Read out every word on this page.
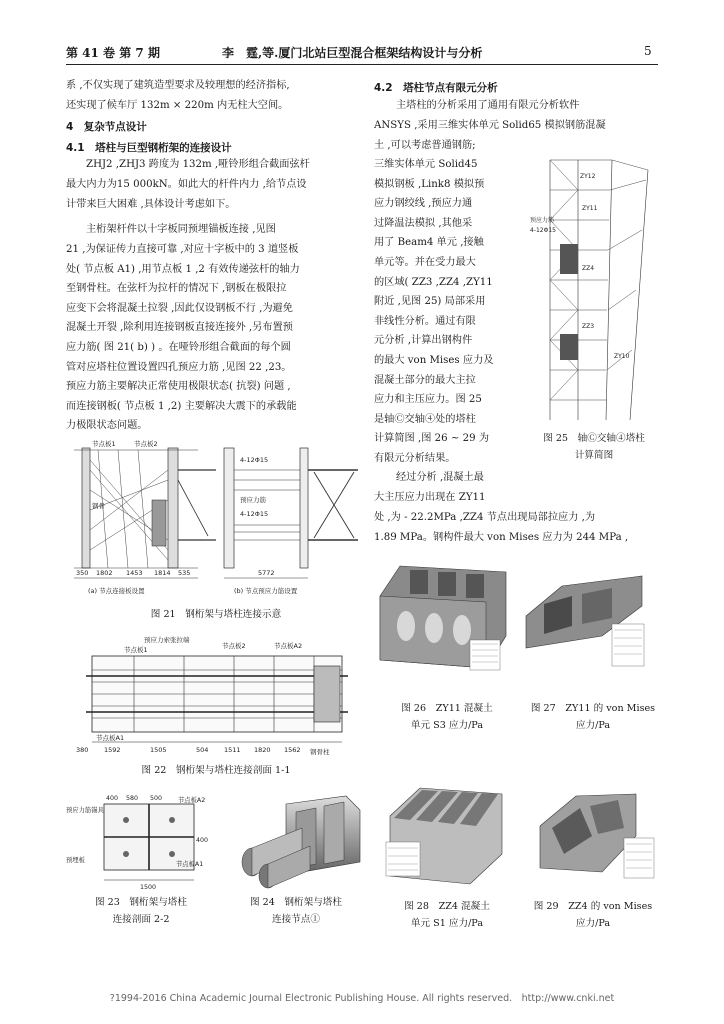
第 41 卷 第 7 期	李　霆,等.厦门北站巨型混合框架结构设计与分析	5
系 ,不仅实现了建筑造型要求及较理想的经济指标,
还实现了候车厅 132m × 220m 内无柱大空间。
4　复杂节点设计
4.1　塔柱与巨型钢桁架的连接设计
ZHJ2 ,ZHJ3 跨度为 132m ,哑铃形组合截面弦杆
最大内力为15 000kN。如此大的杆件内力 ,给节点设
计带来巨大困难 ,具体设计考虑如下。
主桁架杆件以十字板同预埋锚板连接 ,见图
21 ,为保证传力直接可靠 ,对应十字板中的 3 道竖板
处( 节点板 A1) ,用节点板 1 ,2 有效传递弦杆的轴力
至钢骨柱。在弦杆为拉杆的情况下 ,钢板在极限拉
应变下会将混凝土拉裂 ,因此仅设钢板不行 ,为避免
混凝土开裂 ,除利用连接钢板直接连接外 ,另布置预
应力筋( 图 21( b) ) 。在哑铃形组合截面的每个圆
管对应塔柱位置设置四孔预应力筋 ,见图 22 ,23。
预应力筋主要解决正常使用极限状态( 抗裂) 问题 ,
而连接钢板( 节点板 1 ,2) 主要解决大震下的承载能
力极限状态问题。
节点板1	节点板2
钢骨
预应力筋
4-12Φ15
4-12Φ15
350 1802 1453 1814 535	5772
(a) 节点连接板设置	(b) 节点预应力筋设置
图 21　钢桁架与塔柱连接示意
预应力索张拉端
节点板1	节点板2
节点板A1
节点板A2
钢骨柱
380 1592	1505	504 1511 1820 1562
图 22　钢桁架与塔柱连接剖面 1-1
预应力筋锚具
节点板A2
节点板A1
预埋板
400 580 500
400
1500
图 23　钢桁架与塔柱
连接剖面 2-2
图 24　钢桁架与塔柱
连接节点①
4.2　塔柱节点有限元分析
主塔柱的分析采用了通用有限元分析软件
ANSYS ,采用三维实体单元 Solid65 模拟钢筋混凝
土 ,可以考虑普通钢筋;
三维实体单元 Solid45
模拟钢板 ,Link8 模拟预
应力钢绞线 ,预应力通
过降温法模拟 ,其他采
用了 Beam4 单元 ,接触
单元等。并在受力最大
的区域( ZZ3 ,ZZ4 ,ZY11
附近 ,见图 25) 局部采用
非线性分析。通过有限
元分析 ,计算出钢构件
的最大 von Mises 应力及
混凝土部分的最大主拉
应力和主压应力。图 25
是轴Ⓒ交轴④处的塔柱
计算简图 ,图 26 ~ 29 为
有限元分析结果。
经过分析 ,混凝土最
大主压应力出现在 ZY11
处 ,为 - 22.2MPa ,ZZ4 节点出现局部拉应力 ,为
1.89 MPa。钢构件最大 von Mises 应力为 244 MPa ,
ZY12
ZY11
ZZ4
ZZ3
ZY10
预应力筋
4-12Φ15
图 25　轴Ⓒ交轴④塔柱
计算简图
图 26　ZY11 混凝土
单元 S3 应力/Pa
图 27　ZY11 的 von Mises
应力/Pa
图 28　ZZ4 混凝土
单元 S1 应力/Pa
图 29　ZZ4 的 von Mises
应力/Pa
?1994-2016 China Academic Journal Electronic Publishing House. All rights reserved.　http://www.cnki.net
